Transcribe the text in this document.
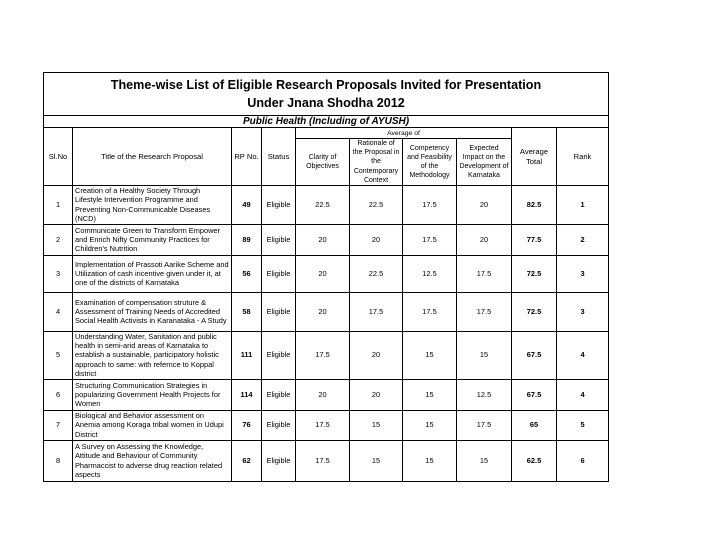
Theme-wise List of Eligible Research Proposals Invited for Presentation
Under Jnana Shodha 2012									

Public Health (Including of AYUSH)									
Sl.No	Title of the Research Proposal	RP No.	Status	Average of				Average Total	Rank
				Clarity of Objectives	Rationale of the Proposal in the Contemporary Context	Competency and Feasibility of the Methodology	Expected Impact on the Development of Karnataka		
1	Creation of a Healthy Society Through Lifestyle Intervention Programme and Preventing Non-Communicable Diseases (NCD)	49	Eligible	22.5	22.5	17.5	20	82.5	1
2	Communicate Green to Transform Empower and Enrich Nifty Community Practices for Children's Nutrition	89	Eligible	20	20	17.5	20	77.5	2
3	Implementation of Prassoti Aarike Scheme and Utilization of cash incentive given under it, at one of the districts of Karnataka	56	Eligible	20	22.5	12.5	17.5	72.5	3
4	Examination of compensation struture & Assessment of Training Needs of Accredited Social Health Activists in Karanataka - A Study	58	Eligible	20	17.5	17.5	17.5	72.5	3
5	Understanding Water, Sanitation and public health in semi-arid areas of Karnataka to establish a sustainable, participatory holistic approach to same: with refernce to Koppal district	111	Eligible	17.5	20	15	15	67.5	4
6	Structuring Communication Strategies in popularizing Government Health Projects for Women	114	Eligible	20	20	15	12.5	67.5	4
7	Biological and Behavior assessment on Anemia among Koraga tribal women in Udupi District	76	Eligible	17.5	15	15	17.5	65	5
8	A Survey on Assessing the Knowledge, Attitude and Behaviour of Community Pharmaccist to adverse drug reaction related aspects	62	Eligible	17.5	15	15	15	62.5	6
